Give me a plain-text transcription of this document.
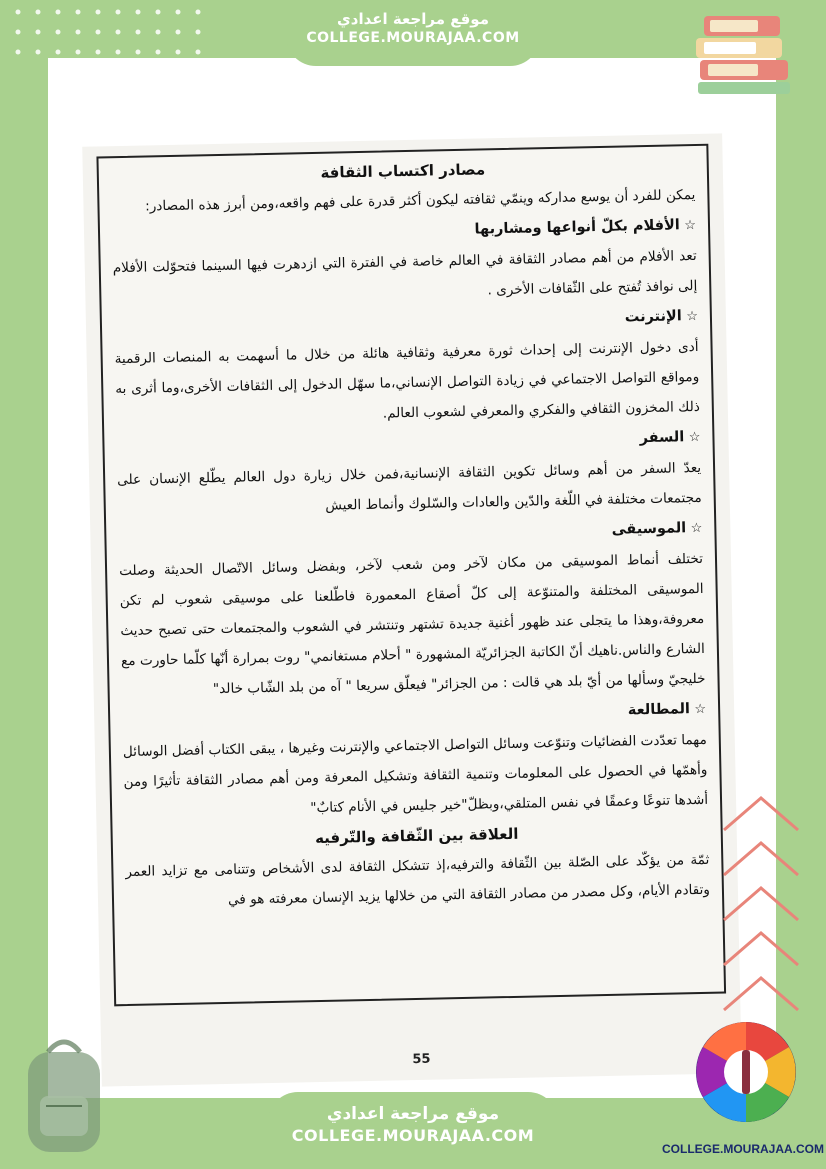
موقع مراجعة اعدادي
COLLEGE.MOURAJAA.COM

مصادر اكتساب الثقافة

يمكن للفرد أن يوسع مداركه وينمّي ثقافته ليكون أكثر قدرة على فهم واقعه،ومن أبرز هذه المصادر:

☆ الأفلام بكلّ أنواعها ومشاربها

تعد الأفلام من أهم مصادر الثقافة في العالم خاصة في الفترة التي ازدهرت فيها السينما فتحوّلت الأفلام إلى نوافذ تُفتح على الثّقافات الأخرى .

☆ الإنترنت

أدى دخول الإنترنت إلى إحداث ثورة معرفية وثقافية هائلة من خلال ما أسهمت به المنصات الرقمية ومواقع التواصل الاجتماعي في زيادة التواصل الإنساني،ما سهّل الدخول إلى الثقافات الأخرى،وما أثرى به ذلك المخزون الثقافي والفكري والمعرفي لشعوب العالم.

☆ السفر

يعدّ السفر من أهم وسائل تكوين الثقافة الإنسانية،فمن خلال زيارة دول العالم يطّلع الإنسان على مجتمعات مختلفة في اللّغة والدّين والعادات والسّلوك وأنماط العيش

☆ الموسيقى

تختلف أنماط الموسيقى من مكان لآخر ومن شعب لآخر، وبفضل وسائل الاتّصال الحديثة وصلت الموسيقى المختلفة والمتنوّعة إلى كلّ أصقاع المعمورة فاطّلعنا على موسيقى شعوب لم تكن معروفة،وهذا ما يتجلى عند ظهور أغنية جديدة تشتهر وتنتشر في الشعوب والمجتمعات حتى تصبح حديث الشارع والناس.ناهيك أنّ الكاتبة الجزائريّة المشهورة " أحلام مستغانمي" روت بمرارة أنّها كلّما حاورت مع خليجيّ وسألها من أيّ بلد هي قالت : من الجزائر" فيعلّق سريعا " آه من بلد الشّاب خالد"

☆ المطالعة

مهما تعدّدت الفضائيات وتنوّعت وسائل التواصل الاجتماعي والإنترنت وغيرها ، يبقى الكتاب أفضل الوسائل وأهمّها في الحصول على المعلومات وتنمية الثقافة وتشكيل المعرفة ومن أهم مصادر الثقافة تأثيرًا ومن أشدها تنوعًا وعمقًا في نفس المتلقي،وبظلّ"خير جليس في الأنام كتابٌ"

العلاقة بين الثّقافة والتّرفيه

ثمّة من يؤكّد على الصّلة بين الثّقافة والترفيه،إذ تتشكل الثقافة لدى الأشخاص وتتنامى مع تزايد العمر وتقادم الأيام، وكل مصدر من مصادر الثقافة التي من خلالها يزيد الإنسان معرفته هو في

55
موقع مراجعة اعدادي
COLLEGE.MOURAJAA.COM
COLLEGE.MOURAJAA.COM
